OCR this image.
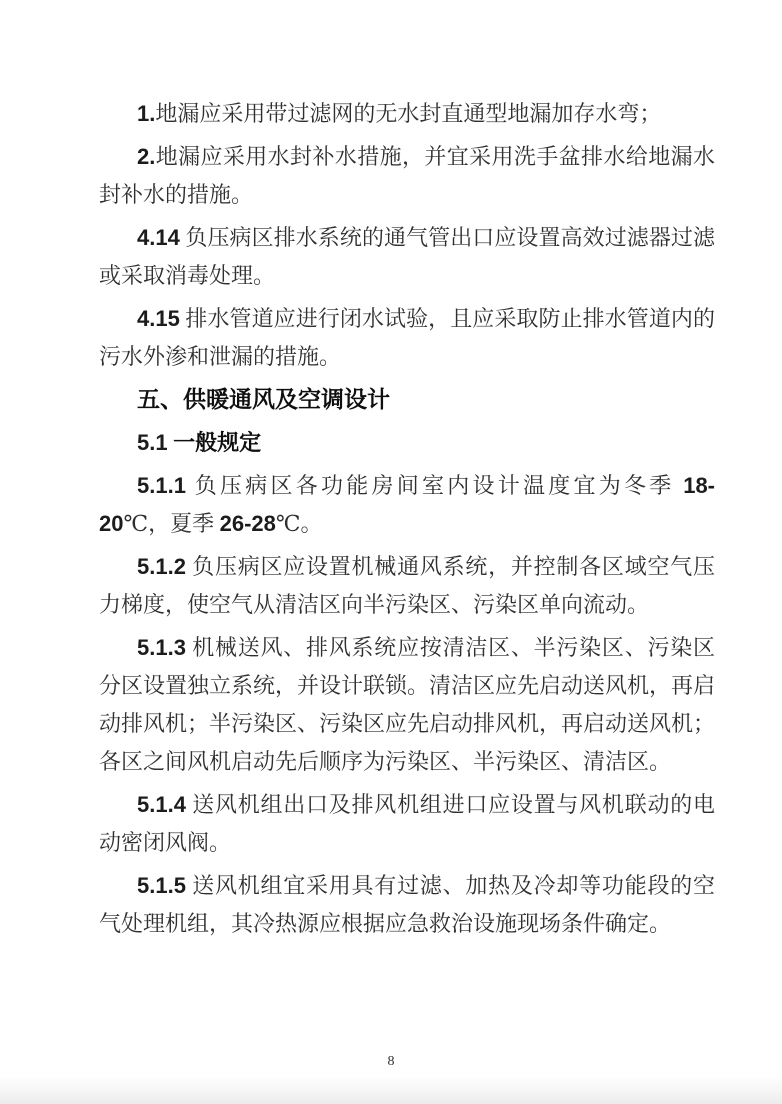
1.地漏应采用带过滤网的无水封直通型地漏加存水弯；

2.地漏应采用水封补水措施，并宜采用洗手盆排水给地漏水封补水的措施。

4.14 负压病区排水系统的通气管出口应设置高效过滤器过滤或采取消毒处理。

4.15 排水管道应进行闭水试验，且应采取防止排水管道内的污水外渗和泄漏的措施。

五、供暖通风及空调设计
5.1 一般规定

5.1.1 负压病区各功能房间室内设计温度宜为冬季 18-20℃，夏季 26-28℃。

5.1.2 负压病区应设置机械通风系统，并控制各区域空气压力梯度，使空气从清洁区向半污染区、污染区单向流动。

5.1.3 机械送风、排风系统应按清洁区、半污染区、污染区分区设置独立系统，并设计联锁。清洁区应先启动送风机，再启动排风机；半污染区、污染区应先启动排风机，再启动送风机；各区之间风机启动先后顺序为污染区、半污染区、清洁区。

5.1.4 送风机组出口及排风机组进口应设置与风机联动的电动密闭风阀。

5.1.5 送风机组宜采用具有过滤、加热及冷却等功能段的空气处理机组，其冷热源应根据应急救治设施现场条件确定。

8
